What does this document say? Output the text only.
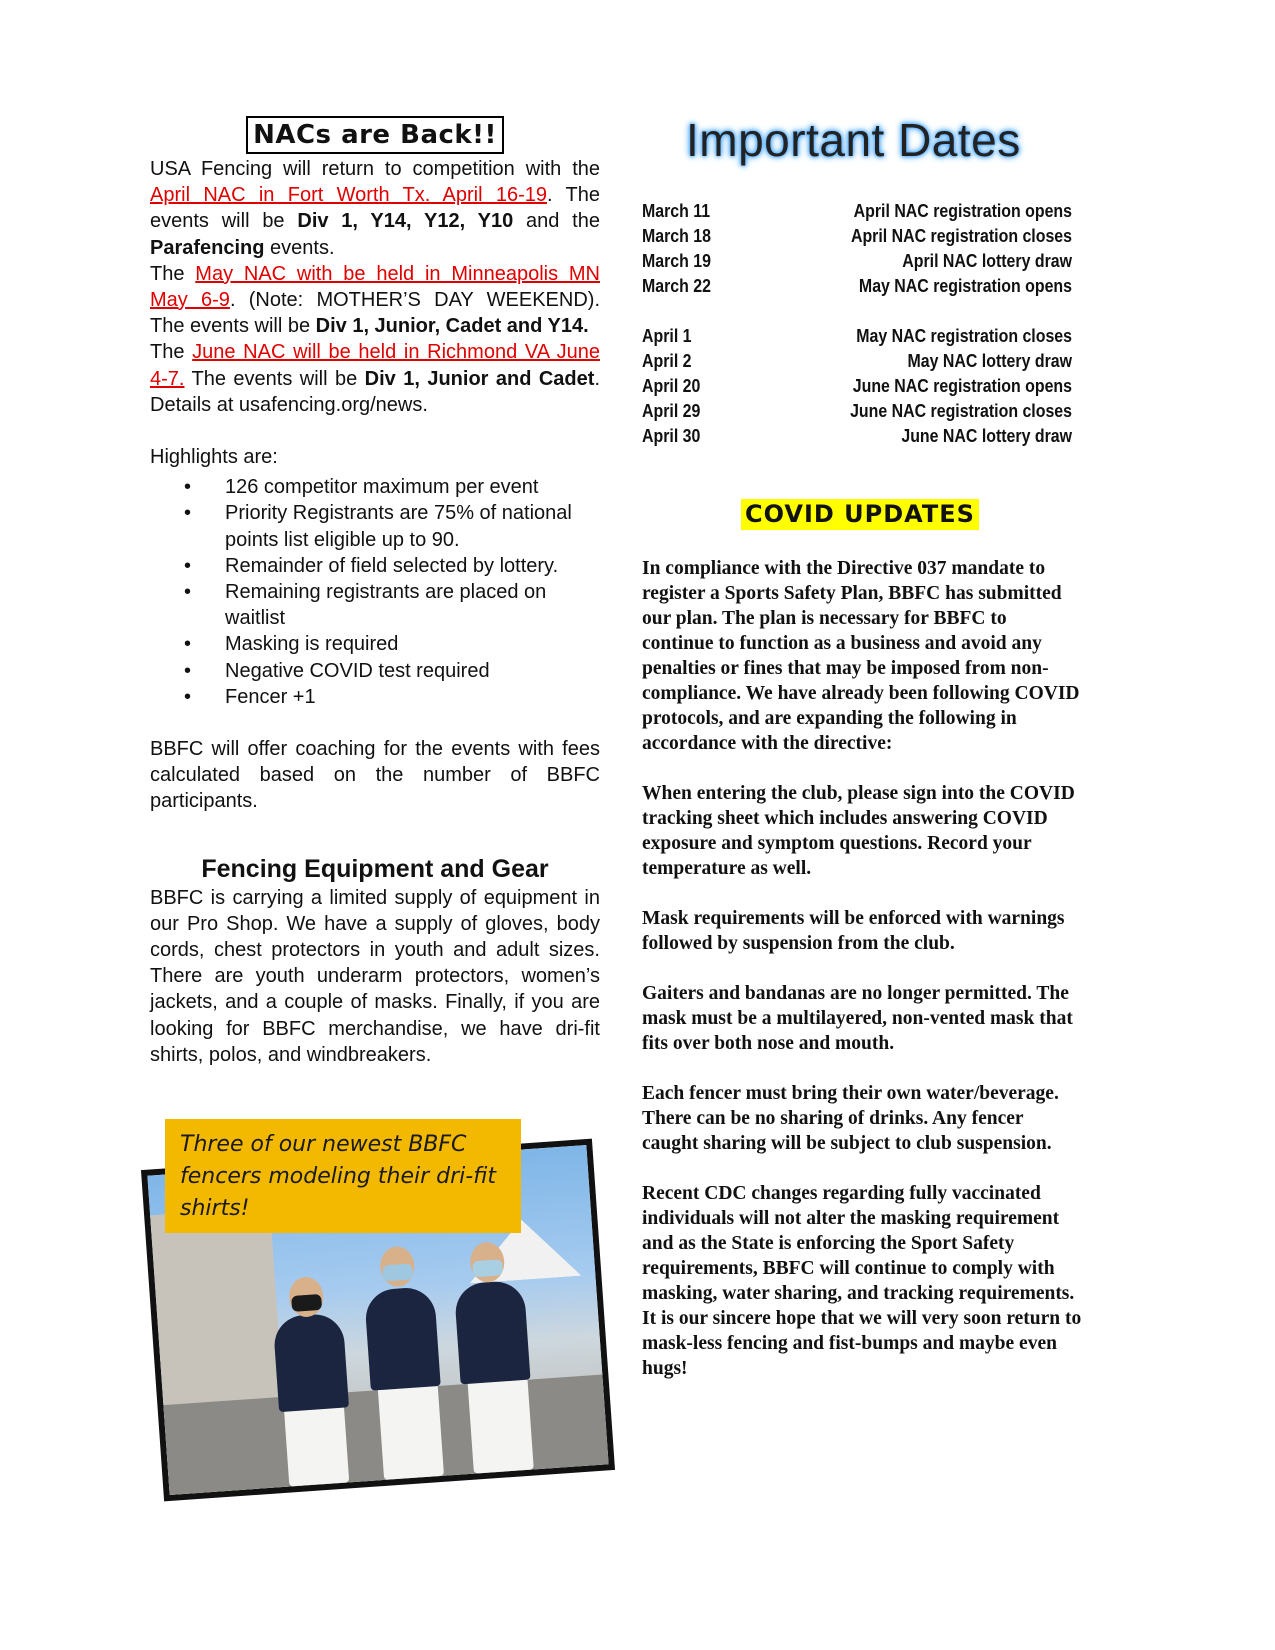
NACs are Back!!

USA Fencing will return to competition with the April NAC in Fort Worth Tx. April 16-19. The events will be Div 1, Y14, Y12, Y10 and the Parafencing events.

The May NAC with be held in Minneapolis MN May 6-9. (Note: MOTHER’S DAY WEEKEND). The events will be Div 1, Junior, Cadet and Y14.

The June NAC will be held in Richmond VA June 4-7. The events will be Div 1, Junior and Cadet. Details at usafencing.org/news.

Highlights are:
• 126 competitor maximum per event
• Priority Registrants are 75% of national points list eligible up to 90.
• Remainder of field selected by lottery.
• Remaining registrants are placed on waitlist
• Masking is required
• Negative COVID test required
• Fencer +1

BBFC will offer coaching for the events with fees calculated based on the number of BBFC participants.

Fencing Equipment and Gear

BBFC is carrying a limited supply of equipment in our Pro Shop. We have a supply of gloves, body cords, chest protectors in youth and adult sizes. There are youth underarm protectors, women’s jackets, and a couple of masks. Finally, if you are looking for BBFC merchandise, we have dri-fit shirts, polos, and windbreakers.

Three of our newest BBFC fencers modeling their dri-fit shirts!
Important Dates
March 11	April NAC registration opens
March 18	April NAC registration closes
March 19	April NAC lottery draw
March 22	May NAC registration opens
April 1	May NAC registration closes
April 2	May NAC lottery draw
April 20	June NAC registration opens
April 29	June NAC registration closes
April 30	June NAC lottery draw
COVID UPDATES

In compliance with the Directive 037 mandate to register a Sports Safety Plan, BBFC has submitted our plan. The plan is necessary for BBFC to continue to function as a business and avoid any penalties or fines that may be imposed from non-compliance. We have already been following COVID protocols, and are expanding the following in accordance with the directive:

When entering the club, please sign into the COVID tracking sheet which includes answering COVID exposure and symptom questions. Record your temperature as well.

Mask requirements will be enforced with warnings followed by suspension from the club.

Gaiters and bandanas are no longer permitted. The mask must be a multilayered, non-vented mask that fits over both nose and mouth.

Each fencer must bring their own water/beverage. There can be no sharing of drinks. Any fencer caught sharing will be subject to club suspension.

Recent CDC changes regarding fully vaccinated individuals will not alter the masking requirement and as the State is enforcing the Sport Safety requirements, BBFC will continue to comply with masking, water sharing, and tracking requirements. It is our sincere hope that we will very soon return to mask-less fencing and fist-bumps and maybe even hugs!
